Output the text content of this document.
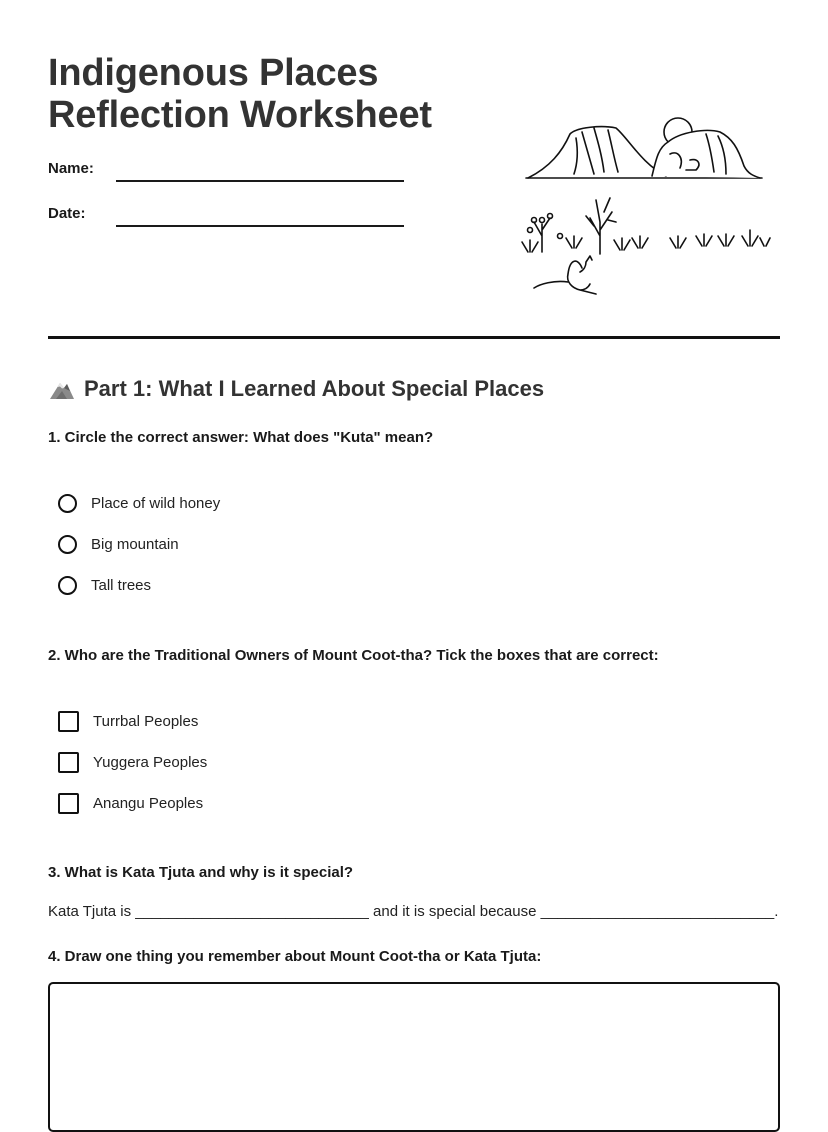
Indigenous Places
Reflection Worksheet
Name:
Date:
Part 1: What I Learned About Special Places
1. Circle the correct answer: What does "Kuta" mean?
Place of wild honey
Big mountain
Tall trees
2. Who are the Traditional Owners of Mount Coot-tha? Tick the boxes that are correct:
Turrbal Peoples
Yuggera Peoples
Anangu Peoples
3. What is Kata Tjuta and why is it special?
Kata Tjuta is ____________________________ and it is special because ____________________________.
4. Draw one thing you remember about Mount Coot-tha or Kata Tjuta:
